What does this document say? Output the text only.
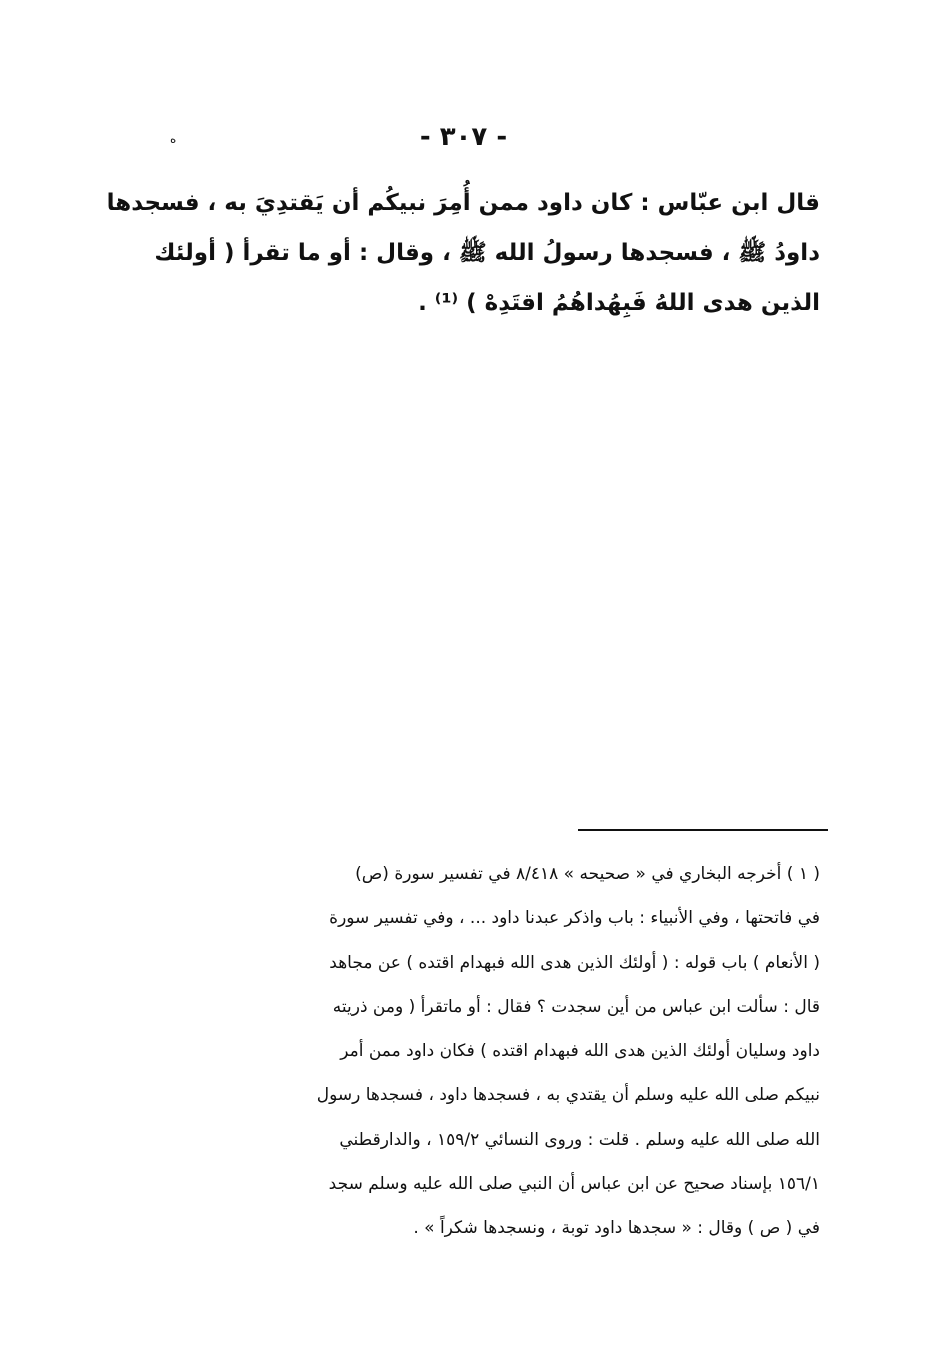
- ٣٠٧ -
ه

قال ابن عبّاس : كان داود ممن أُمِرَ نبيكُم أن يَقتدِيَ به ، فسجدها

داودُ ﷺ ، فسجدها رسولُ الله ﷺ ، وقال : أو ما تقرأ ( أولئك

الذين هدى اللهُ فَبِهُداهُمُ اقتَدِهْ ) ⁽¹⁾ .

( ١ ) أخرجه البخاري في « صحيحه » ٨/٤١٨ في تفسير سورة (ص)

في فاتحتها ، وفي الأنبياء : باب واذكر عبدنا داود ... ، وفي تفسير سورة

( الأنعام ) باب قوله : ( أولئك الذين هدى الله فبهدام اقتده ) عن مجاهد

قال : سألت ابن عباس من أين سجدت ؟ فقال : أو ماتقرأ ( ومن ذريته

داود وسليان أولئك الذين هدى الله فبهدام اقتده ) فكان داود ممن أمر

نبيكم صلى الله عليه وسلم أن يقتدي به ، فسجدها داود ، فسجدها رسول

الله صلى الله عليه وسلم . قلت : وروى النسائي ١٥٩/٢ ، والدارقطني

١٥٦/١ بإسناد صحيح عن ابن عباس أن النبي صلى الله عليه وسلم سجد

في ( ص ) وقال : « سجدها داود توبة ، ونسجدها شكراً » .
